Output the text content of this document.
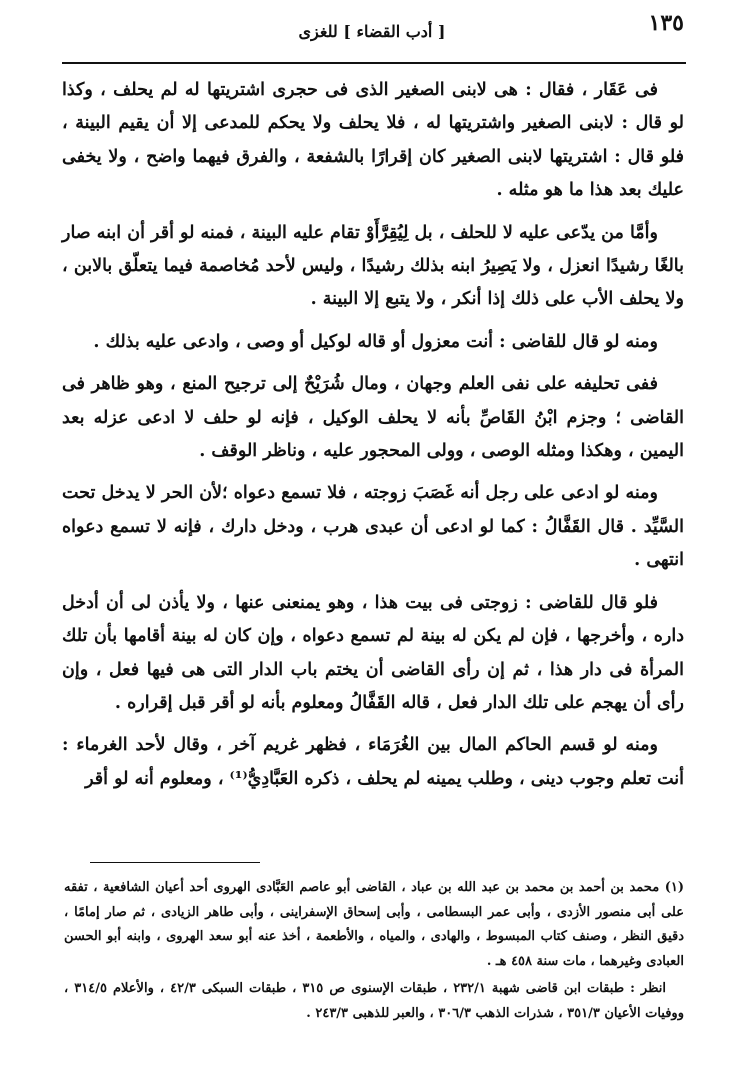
١٣٥
[ أدب القضاء ] للغزى

فى عَقَار ، فقال : هى لابنى الصغير الذى فى حجرى اشتريتها له لم يحلف ، وكذا لو قال : لابنى الصغير واشتريتها له ، فلا يحلف ولا يحكم للمدعى إلا أن يقيم البينة ، فلو قال : اشتريتها لابنى الصغير كان إقرارًا بالشفعة ، والفرق فيهما واضح ، ولا يخفى عليك بعد هذا ما هو مثله .

وأمَّا من يدّعى عليه لا للحلف ، بل لِيُقِرَّأَوْ تقام عليه البينة ، فمنه لو أقر أن ابنه صار بالغًا رشيدًا انعزل ، ولا يَصِيرُ ابنه بذلك رشيدًا ، وليس لأحد مُخاصمة فيما يتعلّق بالابن ، ولا يحلف الأب على ذلك إذا أنكر ، ولا يتبع إلا البينة .

ومنه لو قال للقاضى : أنت معزول أو قاله لوكيل أو وصى ، وادعى عليه بذلك .

ففى تحليفه على نفى العلم وجهان ، ومال شُرَيْحٌ إلى ترجيح المنع ، وهو ظاهر فى القاضى ؛ وجزم ابْنُ القَاصِّ بأنه لا يحلف الوكيل ، فإنه لو حلف لا ادعى عزله بعد اليمين ، وهكذا ومثله الوصى ، وولى المحجور عليه ، وناظر الوقف .

ومنه لو ادعى على رجل أنه غَصَبَ زوجته ، فلا تسمع دعواه ؛لأن الحر لا يدخل تحت السَّيِّد . قال القَفَّالُ : كما لو ادعى أن عبدى هرب ، ودخل دارك ، فإنه لا تسمع دعواه انتهى .

فلو قال للقاضى : زوجتى فى بيت هذا ، وهو يمنعنى عنها ، ولا يأذن لى أن أدخل داره ، وأخرجها ، فإن لم يكن له بينة لم تسمع دعواه ، وإن كان له بينة أقامها بأن تلك المرأة فى دار هذا ، ثم إن رأى القاضى أن يختم باب الدار التى هى فيها فعل ، وإن رأى أن يهجم على تلك الدار فعل ، قاله القَفَّالُ ومعلوم بأنه لو أقر قبل إقراره .

ومنه لو قسم الحاكم المال بين الغُرَمَاء ، فظهر غريم آخر ، وقال لأحد الغرماء : أنت تعلم وجوب دينى ، وطلب يمينه لم يحلف ، ذكره العَبَّادِيُّ⁽¹⁾ ، ومعلوم أنه لو أقر

(١) محمد بن أحمد بن محمد بن عبد الله بن عباد ، القاضى أبو عاصم العَبَّادى الهروى أحد أعيان الشافعية ، تفقه على أبى منصور الأزدى ، وأبى عمر البسطامى ، وأبى إسحاق الإسفراينى ، وأبى طاهر الزيادى ، ثم صار إمامًا ، دقيق النظر ، وصنف كتاب المبسوط ، والهادى ، والمياه ، والأطعمة ، أخذ عنه أبو سعد الهروى ، وابنه أبو الحسن العبادى وغيرهما ، مات سنة ٤٥٨ هـ .

انظر : طبقات ابن قاضى شهبة ٢٣٢/١ ، طبقات الإسنوى ص ٣١٥ ، طبقات السبكى ٤٢/٣ ، والأعلام ٣١٤/٥ ، ووفيات الأعيان ٣٥١/٣ ، شذرات الذهب ٣٠٦/٣ ، والعبر للذهبى ٢٤٣/٣ .
